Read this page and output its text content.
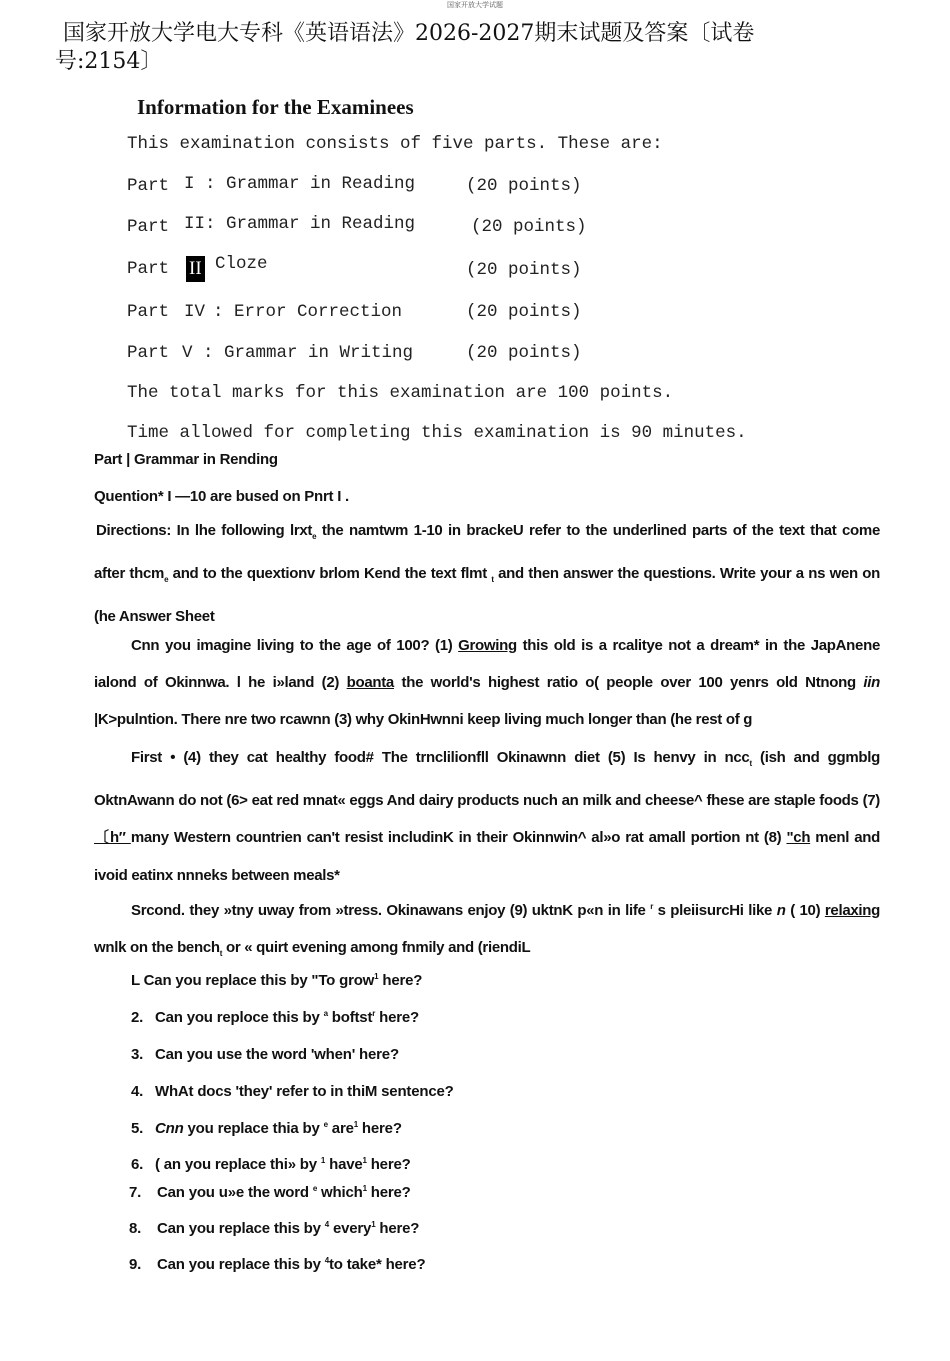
国家开放大学试题
国家开放大学电大专科《英语语法》2026-2027期末试题及答案〔试卷
号:2154〕
Information for the Examinees
This examination consists of five parts. These are:
Part I : Grammar in Reading	(20 points)
Part II : Grammar in Reading	(20 points)
Part II Cloze	(20 points)
Part IV : Error Correction	(20 points)
Part V : Grammar in Writing	(20 points)
The total marks for this examination are 100 points.
Time allowed for completing this examination is 90 minutes.
Part | Grammar in Rending
Quention* I —10 are bused on Pnrt I .
Directions: In lhe following lrxt$_e$ the namtwm 1-10 in brackeU refer to the underlined parts of the text that come after thcm$_e$ and to the quextionv brlom Kend the text flmt $_t$ and then answer the questions. Write your a ns wen on (he Answer Sheet
Cnn you imagine living to the age of 100? (1) Growing this old is a rcalitye not a dream* in the JapAnene ialond of Okinnwa. l he i»land (2) boanta the world's highest ratio o( people over 100 yenrs old Ntnong iin |K>pulntion. There nre two rcawnn (3) why OkinHwnni keep living much longer than (he rest of g
First • (4) they cat healthy food# The trnclilionfll Okinawnn diet (5) Is henvy in ncc$_t$ (ish and ggmblg OktnAwann do not (6> eat red mnat« eggs And dairy products nuch an milk and cheese^ fhese are staple foods (7)〔h″ many Western countrien can't resist includinK in their Okinnwin^ al»o rat amall portion nt (8) "ch menl and ivoid eatinx nnneks between meals*
Srcond. they »tny uway from »tress. Okinawans enjoy (9) uktnK p«n in life $^r$ s pleiisurcHi like n ( 10) relaxing wnlk on the bench$_t$ or « quirt evening among fnmily and (riendiL
L Can you replace this by "To grow$^1$ here?
2. Can you reploce this by $^a$ boftst$^r$ here?
3. Can you use the word 'when' here?
4. WhAt docs 'they' refer to in thiM sentence?
5. Cnn you replace thia by $^e$ are$^1$ here?
6. ( an you replace thi» by $^1$ have$^1$ here?
7. Can you u»e the word $^e$ which$^1$ here?
8. Can you replace this by $^4$ every$^1$ here?
9. Can you replace this by $^4$to take* here?
